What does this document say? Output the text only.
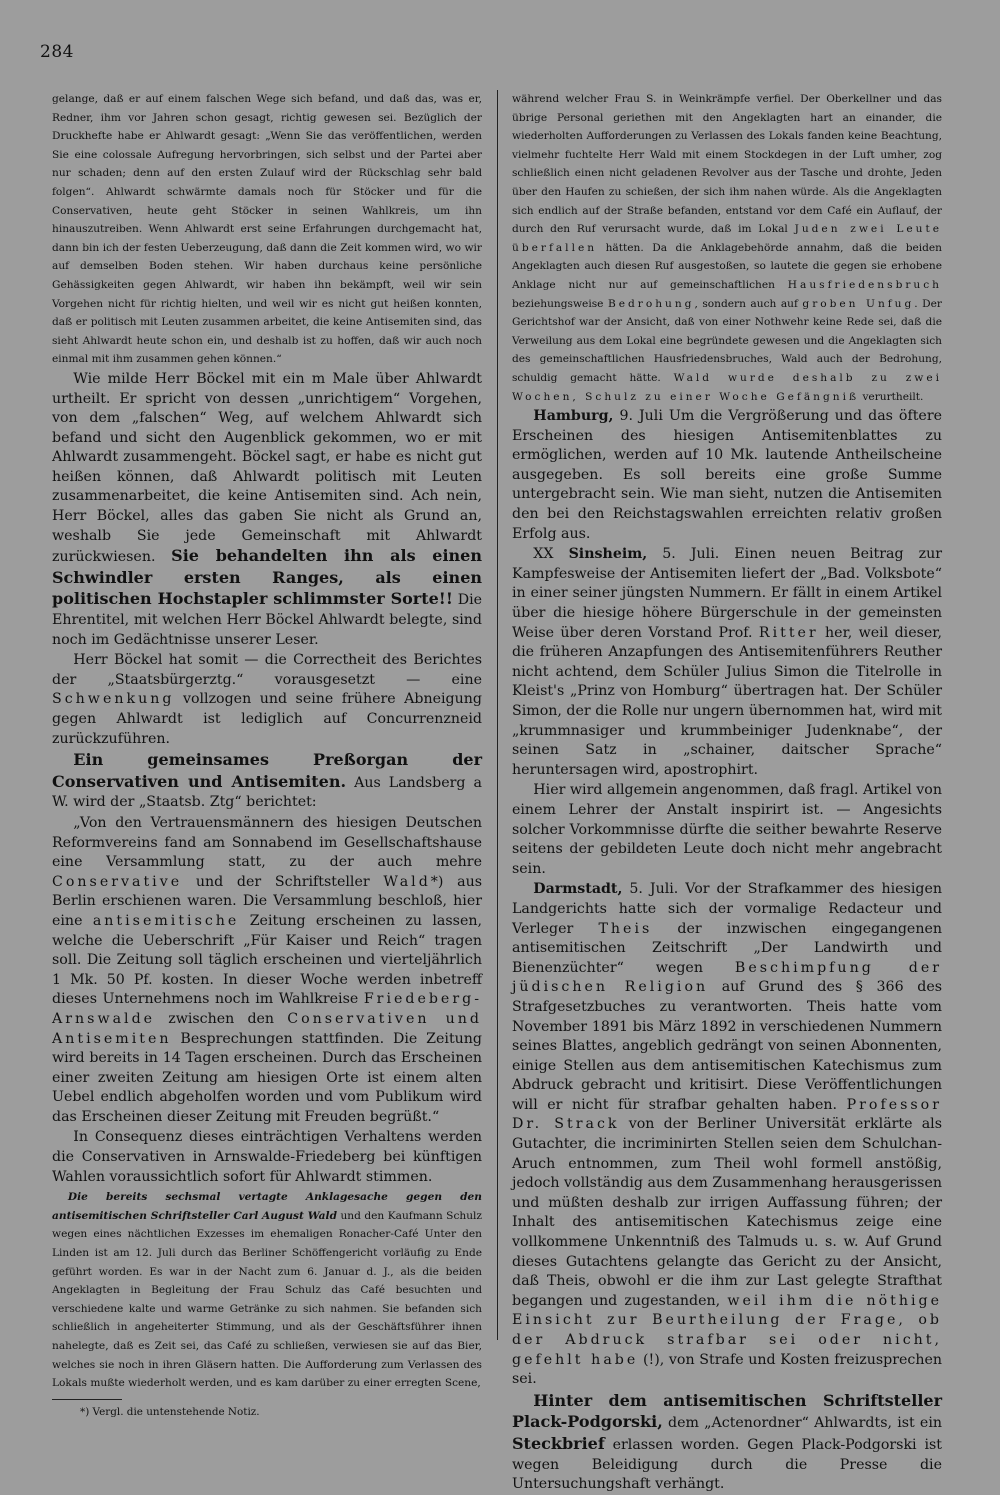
284

gelange, daß er auf einem falschen Wege sich befand, und daß das, was er, Redner, ihm vor Jahren schon gesagt, richtig gewesen sei. Bezüglich der Druckhefte habe er Ahlwardt gesagt: „Wenn Sie das veröffentlichen, werden Sie eine colossale Aufregung hervorbringen, sich selbst und der Partei aber nur schaden; denn auf den ersten Zulauf wird der Rückschlag sehr bald folgen“. Ahlwardt schwärmte damals noch für Stöcker und für die Conservativen, heute geht Stöcker in seinen Wahlkreis, um ihn hinauszutreiben. Wenn Ahlwardt erst seine Erfahrungen durchgemacht hat, dann bin ich der festen Ueberzeugung, daß dann die Zeit kommen wird, wo wir auf demselben Boden stehen. Wir haben durchaus keine persönliche Gehässigkeiten gegen Ahlwardt, wir haben ihn bekämpft, weil wir sein Vorgehen nicht für richtig hielten, und weil wir es nicht gut heißen konnten, daß er politisch mit Leuten zusammen arbeitet, die keine Antisemiten sind, das sieht Ahlwardt heute schon ein, und deshalb ist zu hoffen, daß wir auch noch einmal mit ihm zusammen gehen können.“

Wie milde Herr Böckel mit ein m Male über Ahlwardt urtheilt. Er spricht von dessen „unrichtigem“ Vorgehen, von dem „falschen“ Weg, auf welchem Ahlwardt sich befand und sicht den Augenblick gekommen, wo er mit Ahlwardt zusammengeht. Böckel sagt, er habe es nicht gut heißen können, daß Ahlwardt politisch mit Leuten zusammenarbeitet, die keine Antisemiten sind. Ach nein, Herr Böckel, alles das gaben Sie nicht als Grund an, weshalb Sie jede Gemeinschaft mit Ahlwardt zurückwiesen. Sie behandelten ihn als einen Schwindler ersten Ranges, als einen politischen Hochstapler schlimmster Sorte!! Die Ehrentitel, mit welchen Herr Böckel Ahlwardt belegte, sind noch im Gedächtnisse unserer Leser.

Herr Böckel hat somit — die Correctheit des Berichtes der „Staatsbürgerztg.“ vorausgesetzt — eine Schwenkung vollzogen und seine frühere Abneigung gegen Ahlwardt ist lediglich auf Concurrenzneid zurückzuführen.

Ein gemeinsames Preßorgan der Conservativen und Antisemiten. Aus Landsberg a W. wird der „Staatsb. Ztg“ berichtet:

„Von den Vertrauensmännern des hiesigen Deutschen Reformvereins fand am Sonnabend im Gesellschaftshause eine Versammlung statt, zu der auch mehre Conservative und der Schriftsteller Wald*) aus Berlin erschienen waren. Die Versammlung beschloß, hier eine antisemitische Zeitung erscheinen zu lassen, welche die Ueberschrift „Für Kaiser und Reich“ tragen soll. Die Zeitung soll täglich erscheinen und vierteljährlich 1 Mk. 50 Pf. kosten. In dieser Woche werden inbetreff dieses Unternehmens noch im Wahlkreise Friedeberg-Arnswalde zwischen den Conservativen und Antisemiten Besprechungen stattfinden. Die Zeitung wird bereits in 14 Tagen erscheinen. Durch das Erscheinen einer zweiten Zeitung am hiesigen Orte ist einem alten Uebel endlich abgeholfen worden und vom Publikum wird das Erscheinen dieser Zeitung mit Freuden begrüßt.“

In Consequenz dieses einträchtigen Verhaltens werden die Conservativen in Arnswalde-Friedeberg bei künftigen Wahlen voraussichtlich sofort für Ahlwardt stimmen.

Die bereits sechsmal vertagte Anklagesache gegen den antisemitischen Schriftsteller Carl August Wald und den Kaufmann Schulz wegen eines nächtlichen Exzesses im ehemaligen Ronacher-Café Unter den Linden ist am 12. Juli durch das Berliner Schöffengericht vorläufig zu Ende geführt worden. Es war in der Nacht zum 6. Januar d. J., als die beiden Angeklagten in Begleitung der Frau Schulz das Café besuchten und verschiedene kalte und warme Getränke zu sich nahmen. Sie befanden sich schließlich in angeheiterter Stimmung, und als der Geschäftsführer ihnen nahelegte, daß es Zeit sei, das Café zu schließen, verwiesen sie auf das Bier, welches sie noch in ihren Gläsern hatten. Die Aufforderung zum Verlassen des Lokals mußte wiederholt werden, und es kam darüber zu einer erregten Scene,

*) Vergl. die untenstehende Notiz.

während welcher Frau S. in Weinkrämpfe verfiel. Der Oberkellner und das übrige Personal geriethen mit den Angeklagten hart an einander, die wiederholten Aufforderungen zu Verlassen des Lokals fanden keine Beachtung, vielmehr fuchtelte Herr Wald mit einem Stockdegen in der Luft umher, zog schließlich einen nicht geladenen Revolver aus der Tasche und drohte, Jeden über den Haufen zu schießen, der sich ihm nahen würde. Als die Angeklagten sich endlich auf der Straße befanden, entstand vor dem Café ein Auflauf, der durch den Ruf verursacht wurde, daß im Lokal Juden zwei Leute überfallen hätten. Da die Anklagebehörde annahm, daß die beiden Angeklagten auch diesen Ruf ausgestoßen, so lautete die gegen sie erhobene Anklage nicht nur auf gemeinschaftlichen Hausfriedensbruch beziehungsweise Bedrohung, sondern auch auf groben Unfug. Der Gerichtshof war der Ansicht, daß von einer Nothwehr keine Rede sei, daß die Verweilung aus dem Lokal eine begründete gewesen und die Angeklagten sich des gemeinschaftlichen Hausfriedensbruches, Wald auch der Bedrohung, schuldig gemacht hätte. Wald wurde deshalb zu zwei Wochen, Schulz zu einer Woche Gefängniß verurtheilt.

Hamburg, 9. Juli Um die Vergrößerung und das öftere Erscheinen des hiesigen Antisemitenblattes zu ermöglichen, werden auf 10 Mk. lautende Antheilscheine ausgegeben. Es soll bereits eine große Summe untergebracht sein. Wie man sieht, nutzen die Antisemiten den bei den Reichstagswahlen erreichten relativ großen Erfolg aus.

XX Sinsheim, 5. Juli. Einen neuen Beitrag zur Kampfesweise der Antisemiten liefert der „Bad. Volksbote“ in einer seiner jüngsten Nummern. Er fällt in einem Artikel über die hiesige höhere Bürgerschule in der gemeinsten Weise über deren Vorstand Prof. Ritter her, weil dieser, die früheren Anzapfungen des Antisemitenführers Reuther nicht achtend, dem Schüler Julius Simon die Titelrolle in Kleist's „Prinz von Homburg“ übertragen hat. Der Schüler Simon, der die Rolle nur ungern übernommen hat, wird mit „krummnasiger und krummbeiniger Judenknabe“, der seinen Satz in „schainer, daitscher Sprache“ heruntersagen wird, apostrophirt.

Hier wird allgemein angenommen, daß fragl. Artikel von einem Lehrer der Anstalt inspirirt ist. — Angesichts solcher Vorkommnisse dürfte die seither bewahrte Reserve seitens der gebildeten Leute doch nicht mehr angebracht sein.

Darmstadt, 5. Juli. Vor der Strafkammer des hiesigen Landgerichts hatte sich der vormalige Redacteur und Verleger Theis der inzwischen eingegangenen antisemitischen Zeitschrift „Der Landwirth und Bienenzüchter“ wegen Beschimpfung der jüdischen Religion auf Grund des § 366 des Strafgesetzbuches zu verantworten. Theis hatte vom November 1891 bis März 1892 in verschiedenen Nummern seines Blattes, angeblich gedrängt von seinen Abonnenten, einige Stellen aus dem antisemitischen Katechismus zum Abdruck gebracht und kritisirt. Diese Veröffentlichungen will er nicht für strafbar gehalten haben. Professor Dr. Strack von der Berliner Universität erklärte als Gutachter, die incriminirten Stellen seien dem Schulchan-Aruch entnommen, zum Theil wohl formell anstößig, jedoch vollständig aus dem Zusammenhang herausgerissen und müßten deshalb zur irrigen Auffassung führen; der Inhalt des antisemitischen Katechismus zeige eine vollkommene Unkenntniß des Talmuds u. s. w. Auf Grund dieses Gutachtens gelangte das Gericht zu der Ansicht, daß Theis, obwohl er die ihm zur Last gelegte Strafthat begangen und zugestanden, weil ihm die nöthige Einsicht zur Beurtheilung der Frage, ob der Abdruck strafbar sei oder nicht, gefehlt habe (!), von Strafe und Kosten freizusprechen sei.

Hinter dem antisemitischen Schriftsteller Plack-Podgorski, dem „Actenordner“ Ahlwardts, ist ein Steckbrief erlassen worden. Gegen Plack-Podgorski ist wegen Beleidigung durch die Presse die Untersuchungshaft verhängt.
